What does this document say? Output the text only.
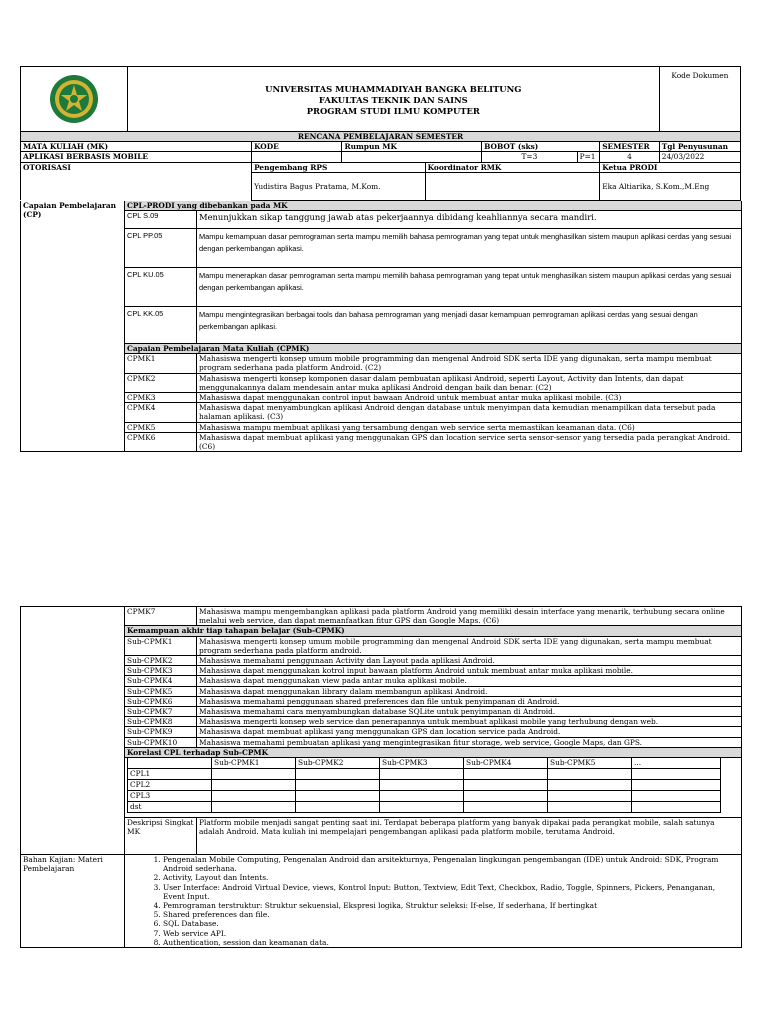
UNIVERSITAS MUHAMMADIYAH BANGKA BELITUNG
FAKULTAS TEKNIK DAN SAINS
PROGRAM STUDI ILMU KOMPUTER							Kode Dokumen
RENCANA PEMBELAJARAN SEMESTER								
MATA KULIAH (MK)		KODE	Rumpun MK		BOBOT (sks)		SEMESTER	Tgl Penyusunan
APLIKASI BERBASIS MOBILE					T=3	P=1	4	24/03/2022
OTORISASI		Pengembang RPS		Koordinator RMK			Ketua PRODI	
		Yudistira Bagus Pratama, M.Kom.					Eka Altiarika, S.Kom.,M.Eng	
Capaian Pembelajaran (CP)	CPL-PRODI yang dibebankan pada MK	
	CPL S.09	Menunjukkan sikap tanggung jawab atas pekerjaannya dibidang keahliannya secara mandiri.
	CPL PP.05	Mampu kemampuan dasar pemrograman serta mampu memilih bahasa pemrograman yang tepat untuk menghasilkan sistem maupun aplikasi cerdas yang sesuai dengan perkembangan aplikasi.
	CPL KU.05	Mampu menerapkan dasar pemrograman serta mampu memilih bahasa pemrograman yang tepat untuk menghasilkan sistem maupun aplikasi cerdas yang sesuai dengan perkembangan aplikasi.
	CPL KK.05	Mampu mengintegrasikan berbagai tools dan bahasa pemrograman yang menjadi dasar kemampuan pemrograman aplikasi cerdas yang sesuai dengan perkembangan aplikasi.
	Capaian Pembelajaran Mata Kuliah (CPMK)	
	CPMK1	Mahasiswa mengerti konsep umum mobile programming dan mengenal Android SDK serta IDE yang digunakan, serta mampu membuat program sederhana pada platform Android. (C2)
	CPMK2	Mahasiswa mengerti konsep komponen dasar dalam pembuatan aplikasi Android, seperti Layout, Activity dan Intents, dan dapat menggunakannya dalam mendesain antar muka aplikasi Android dengan baik dan benar. (C2)
	CPMK3	Mahasiswa dapat menggunakan control input bawaan Android untuk membuat antar muka aplikasi mobile. (C3)
	CPMK4	Mahasiswa dapat menyambungkan aplikasi Android dengan database untuk menyimpan data kemudian menampilkan data tersebut pada halaman aplikasi. (C3)
	CPMK5	Mahasiswa mampu membuat aplikasi yang tersambung dengan web service serta memastikan keamanan data. (C6)
	CPMK6	Mahasiswa dapat membuat aplikasi yang menggunakan GPS dan location service serta sensor-sensor yang tersedia pada perangkat Android. (C6)
	CPMK7	Mahasiswa mampu mengembangkan aplikasi pada platform Android yang memiliki desain interface yang menarik, terhubung secara online melalui web service, dan dapat memanfaatkan fitur GPS dan Google Maps. (C6)
Kemampuan akhir tiap tahapan belajar (Sub-CPMK)
Sub-CPMK1	Mahasiswa mengerti konsep umum mobile programming dan mengenal Android SDK serta IDE yang digunakan, serta mampu membuat program sederhana pada platform android.
Sub-CPMK2	Mahasiswa memahami penggunaan Activity dan Layout pada aplikasi Android.
Sub-CPMK3	Mahasiswa dapat menggunakan kotrol input bawaan platform Android untuk membuat antar muka aplikasi mobile.
Sub-CPMK4	Mahasiswa dapat menggunakan view pada antar muka aplikasi mobile.
Sub-CPMK5	Mahasiswa dapat menggunakan library dalam membangun aplikasi Android.
Sub-CPMK6	Mahasiswa memahami penggunaan shared preferences dan file untuk penyimpanan di Android.
Sub-CPMK7	Mahasiswa memahami cara menyambungkan database SQLite untuk penyimpanan di Android.
Sub-CPMK8	Mahasiswa mengerti konsep web service dan penerapannya untuk membuat aplikasi mobile yang terhubung dengan web.
Sub-CPMK9	Mahasiswa dapat membuat aplikasi yang menggunakan GPS dan location service pada Android.
Sub-CPMK10	Mahasiswa memahami pembuatan aplikasi yang mengintegrasikan fitur storage, web service, Google Maps, dan GPS.
Korelasi CPL terhadap Sub-CPMK

	Sub-CPMK1	Sub-CPMK2	Sub-CPMK3	Sub-CPMK4	Sub-CPMK5	...
CPL1						
CPL2						
CPL3						
dst						

Deskripsi Singkat MK	Platform mobile menjadi sangat penting saat ini. Terdapat beberapa platform yang banyak dipakai pada perangkat mobile, salah satunya adalah Android. Mata kuliah ini mempelajari pengembangan aplikasi pada platform mobile, terutama Android.
Bahan Kajian: Materi Pembelajaran	
1. Pengenalan Mobile Computing, Pengenalan Android dan arsitekturnya, Pengenalan lingkungan pengembangan (IDE) untuk Android: SDK, Program Android sederhana.
2. Activity, Layout dan Intents.
3. User Interface: Android Virtual Device, views, Kontrol Input: Button, Textview, Edit Text, Checkbox, Radio, Toggle, Spinners, Pickers, Penanganan, Event Input.
4. Pemrograman terstruktur: Struktur sekuensial, Ekspresi logika, Struktur seleksi: If-else, If sederhana, If bertingkat
5. Shared preferences dan file.
6. SQL Database.
7. Web service API.
8. Authentication, session dan keamanan data.
